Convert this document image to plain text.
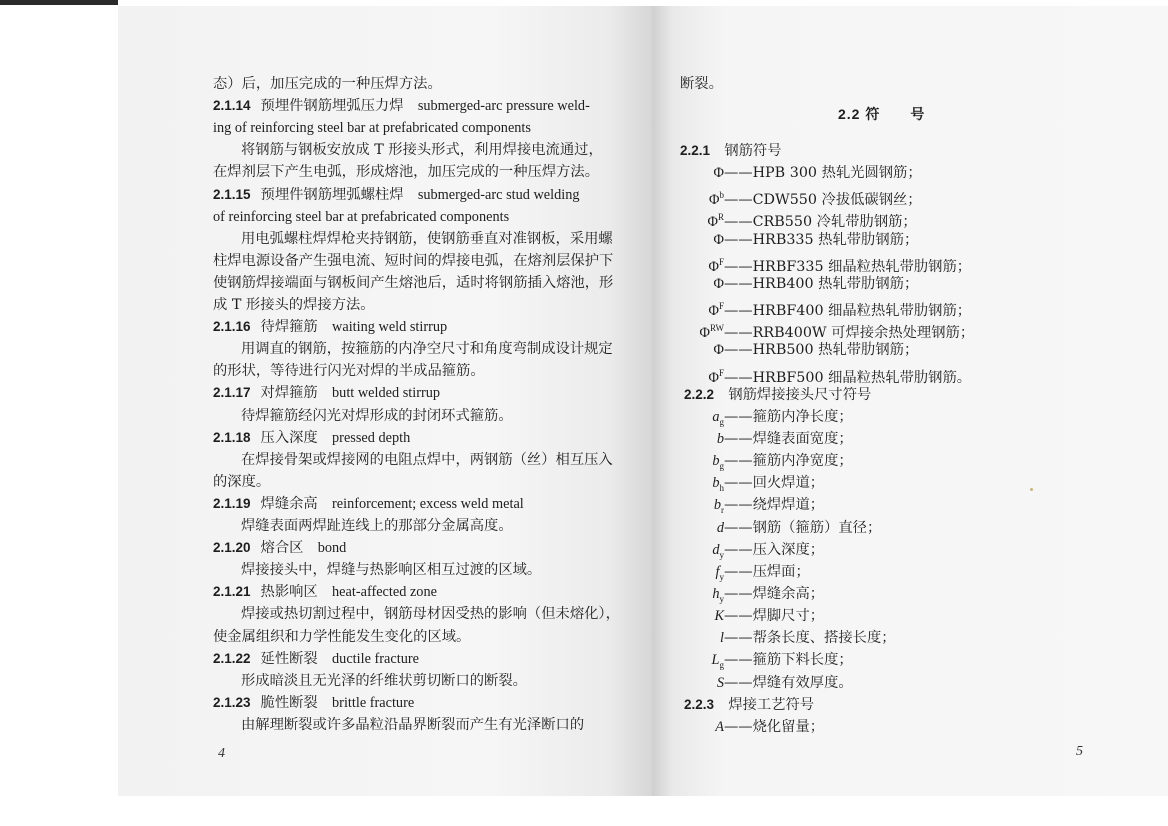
态）后，加压完成的一种压焊方法。
2.1.14 预埋件钢筋埋弧压力焊　 submerged-arc pressure weld-
ing of reinforcing steel bar at prefabricated components
将钢筋与钢板安放成 T 形接头形式，利用焊接电流通过，
在焊剂层下产生电弧，形成熔池，加压完成的一种压焊方法。
2.1.15 预埋件钢筋埋弧螺柱焊　 submerged-arc stud welding
of reinforcing steel bar at prefabricated components
用电弧螺柱焊焊枪夹持钢筋，使钢筋垂直对准钢板，采用螺
柱焊电源设备产生强电流、短时间的焊接电弧，在熔剂层保护下
使钢筋焊接端面与钢板间产生熔池后，适时将钢筋插入熔池，形
成 T 形接头的焊接方法。
2.1.16 待焊箍筋　 waiting weld stirrup
用调直的钢筋，按箍筋的内净空尺寸和角度弯制成设计规定
的形状，等待进行闪光对焊的半成品箍筋。
2.1.17 对焊箍筋　 butt welded stirrup
待焊箍筋经闪光对焊形成的封闭环式箍筋。
2.1.18 压入深度　 pressed depth
在焊接骨架或焊接网的电阻点焊中，两钢筋（丝）相互压入
的深度。
2.1.19 焊缝余高　 reinforcement; excess weld metal
焊缝表面两焊趾连线上的那部分金属高度。
2.1.20 熔合区　 bond
焊接接头中，焊缝与热影响区相互过渡的区域。
2.1.21 热影响区　 heat-affected zone
焊接或热切割过程中，钢筋母材因受热的影响（但未熔化），
使金属组织和力学性能发生变化的区域。
2.1.22 延性断裂　 ductile fracture
形成暗淡且无光泽的纤维状剪切断口的断裂。
2.1.23 脆性断裂　 brittle fracture
由解理断裂或许多晶粒沿晶界断裂而产生有光泽断口的
4
断裂。
2.2 符　　号
2.2.1　 钢筋符号
Φ——HPB 300 热轧光圆钢筋；
$\Phi^b——CDW550$ 冷拔低碳钢丝；
$\Phi^R——CRB550$ 冷轧带肋钢筋；
Φ——HRB335 热轧带肋钢筋；
$\Phi^F——HRBF335$ 细晶粒热轧带肋钢筋；
Φ——HRB400 热轧带肋钢筋；
$\Phi^F——HRBF400$ 细晶粒热轧带肋钢筋；
$\Phi^{RW}——RRB400W$ 可焊接余热处理钢筋；
Φ——HRB500 热轧带肋钢筋；
$\Phi^F——HRBF500$ 细晶粒热轧带肋钢筋。
2.2.2　 钢筋焊接接头尺寸符号
$a_g——$箍筋内净长度；
b——焊缝表面宽度；
$b_g——$箍筋内净宽度；
$b_h——$回火焊道；
$b_r——$绕焊焊道；
d——钢筋（箍筋）直径；
$d_y——$压入深度；
$f_y——$压焊面；
$h_y——$焊缝余高；
K——焊脚尺寸；
l——帮条长度、搭接长度；
$L_g——$箍筋下料长度；
S——焊缝有效厚度。
2.2.3　 焊接工艺符号
A——烧化留量；
5
